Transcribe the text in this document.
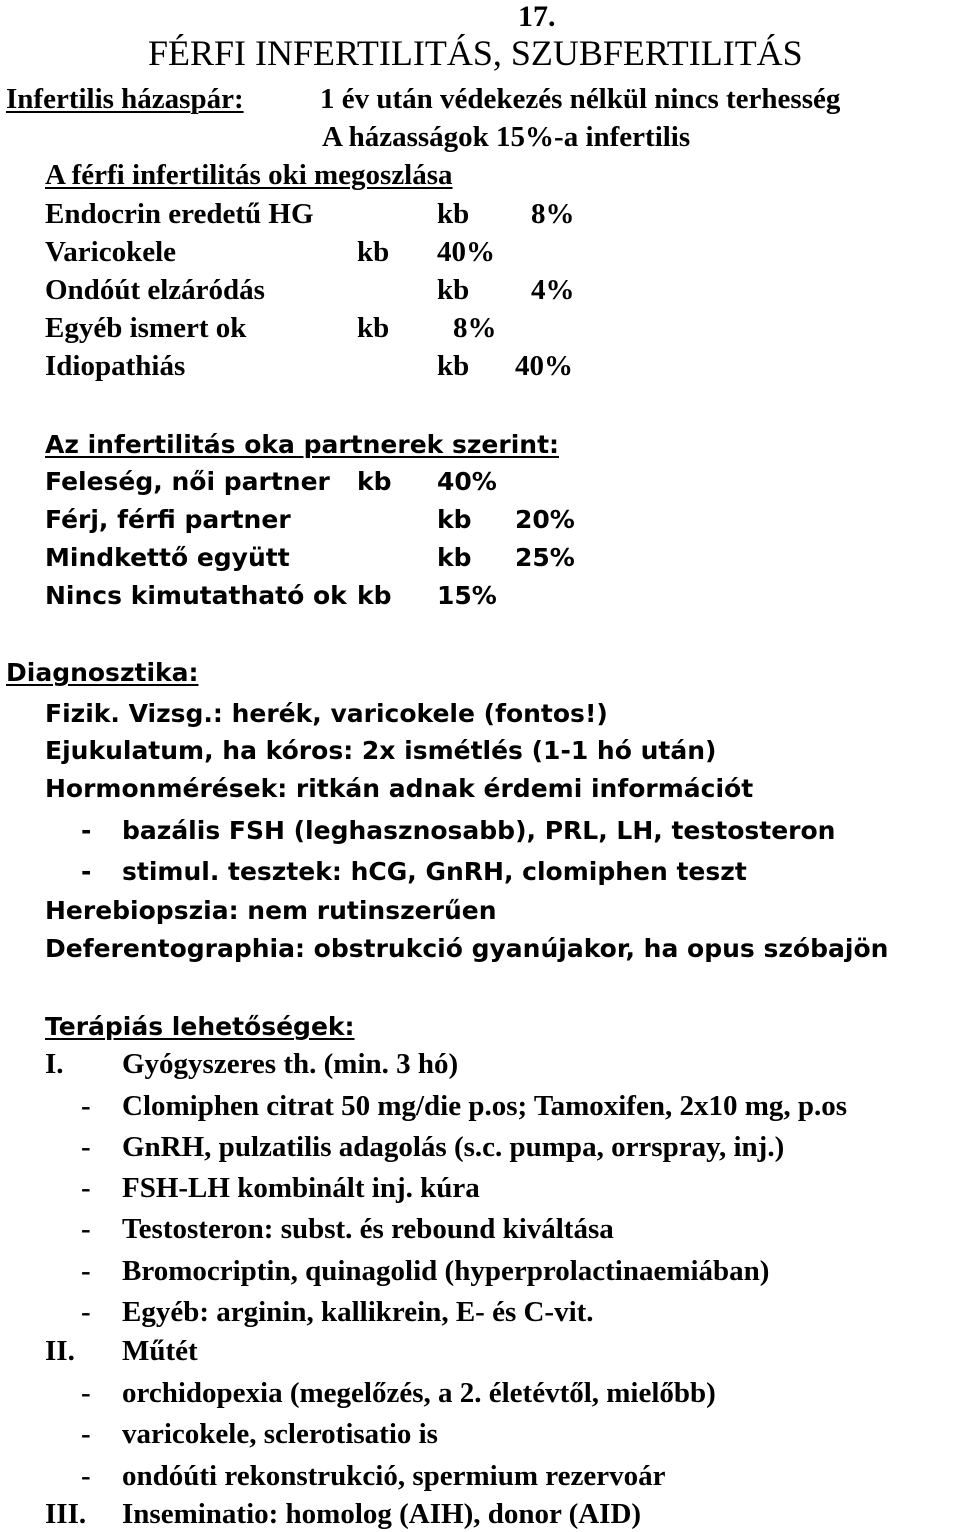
17.
FÉRFI INFERTILITÁS, SZUBFERTILITÁS
Infertilis házaspár:	1 év után védekezés nélkül nincs terhesség
A házasságok 15%-a infertilis
A férfi infertilitás oki megoszlása
Endocrin eredetű HG	kb 8%
Varicokele	kb 40%
Ondóút elzáródás	kb 4%
Egyéb ismert ok	kb 8%
Idiopathiás	kb 40%
Az infertilitás oka partnerek szerint:
Feleség, női partner kb 40%
Férj, férfi partner	kb 20%
Mindkettő együtt	kb 25%
Nincs kimutatható ok kb 15%
Diagnosztika:
Fizik. Vizsg.: herék, varicokele (fontos!)
Ejukulatum, ha kóros: 2x ismétlés (1-1 hó után)
Hormonmérések: ritkán adnak érdemi információt
- bazális FSH (leghasznosabb), PRL, LH, testosteron
- stimul. tesztek: hCG, GnRH, clomiphen teszt
Herebiopszia: nem rutinszerűen
Deferentographia: obstrukció gyanújakor, ha opus szóbajön
Terápiás lehetőségek:
I. Gyógyszeres th. (min. 3 hó)
- Clomiphen citrat 50 mg/die p.os; Tamoxifen, 2x10 mg, p.os
- GnRH, pulzatilis adagolás (s.c. pumpa, orrspray, inj.)
- FSH-LH kombinált inj. kúra
- Testosteron: subst. és rebound kiváltása
- Bromocriptin, quinagolid (hyperprolactinaemiában)
- Egyéb: arginin, kallikrein, E- és C-vit.
II. Műtét
- orchidopexia (megelőzés, a 2. életévtől, mielőbb)
- varicokele, sclerotisatio is
- ondóúti rekonstrukció, spermium rezervoár
III. Inseminatio: homolog (AIH), donor (AID)
